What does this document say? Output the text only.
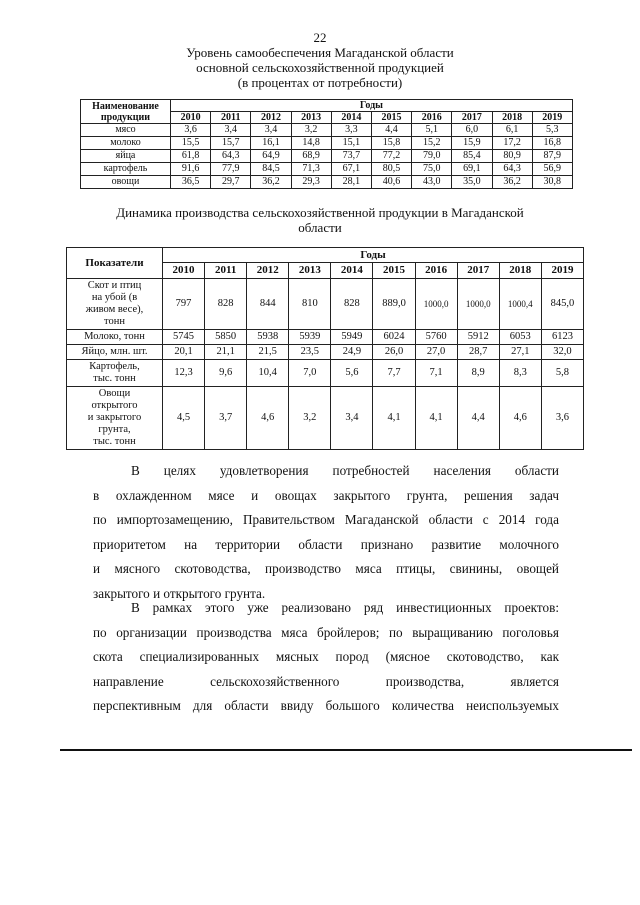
22
Уровень самообеспечения Магаданской области
основной сельскохозяйственной продукцией
(в процентах от потребности)
Наименование
продукции	Годы									
	2010	2011	2012	2013	2014	2015	2016	2017	2018	2019
мясо	3,6	3,4	3,4	3,2	3,3	4,4	5,1	6,0	6,1	5,3
молоко	15,5	15,7	16,1	14,8	15,1	15,8	15,2	15,9	17,2	16,8
яйца	61,8	64,3	64,9	68,9	73,7	77,2	79,0	85,4	80,9	87,9
картофель	91,6	77,9	84,5	71,3	67,1	80,5	75,0	69,1	64,3	56,9
овощи	36,5	29,7	36,2	29,3	28,1	40,6	43,0	35,0	36,2	30,8
Динамика производства сельскохозяйственной продукции в Магаданской
области
Показатели	Годы									
	2010	2011	2012	2013	2014	2015	2016	2017	2018	2019

Скот и птиц
на убой (в
живом весе),
тонн	797	828	844	810	828	889,0	1000,0	1000,0	1000,4	845,0

Молоко, тонн	5745	5850	5938	5939	5949	6024	5760	5912	6053	6123

Яйцо, млн. шт.	20,1	21,1	21,5	23,5	24,9	26,0	27,0	28,7	27,1	32,0

Картофель,
тыс. тонн	12,3	9,6	10,4	7,0	5,6	7,7	7,1	8,9	8,3	5,8

Овощи
открытого
и закрытого
грунта,
тыс. тонн	4,5	3,7	4,6	3,2	3,4	4,1	4,1	4,4	4,6	3,6
В целях удовлетворения потребностей населения области
в охлажденном мясе и овощах закрытого грунта, решения задач
по импортозамещению, Правительством Магаданской области с 2014 года
приоритетом на территории области признано развитие молочного
и мясного скотоводства, производство мяса птицы, свинины, овощей
закрытого и открытого грунта.
В рамках этого уже реализовано ряд инвестиционных проектов:
по организации производства мяса бройлеров; по выращиванию поголовья
скота специализированных мясных пород (мясное скотоводство, как
направление сельскохозяйственного производства, является
перспективным для области ввиду большого количества неиспользуемых
